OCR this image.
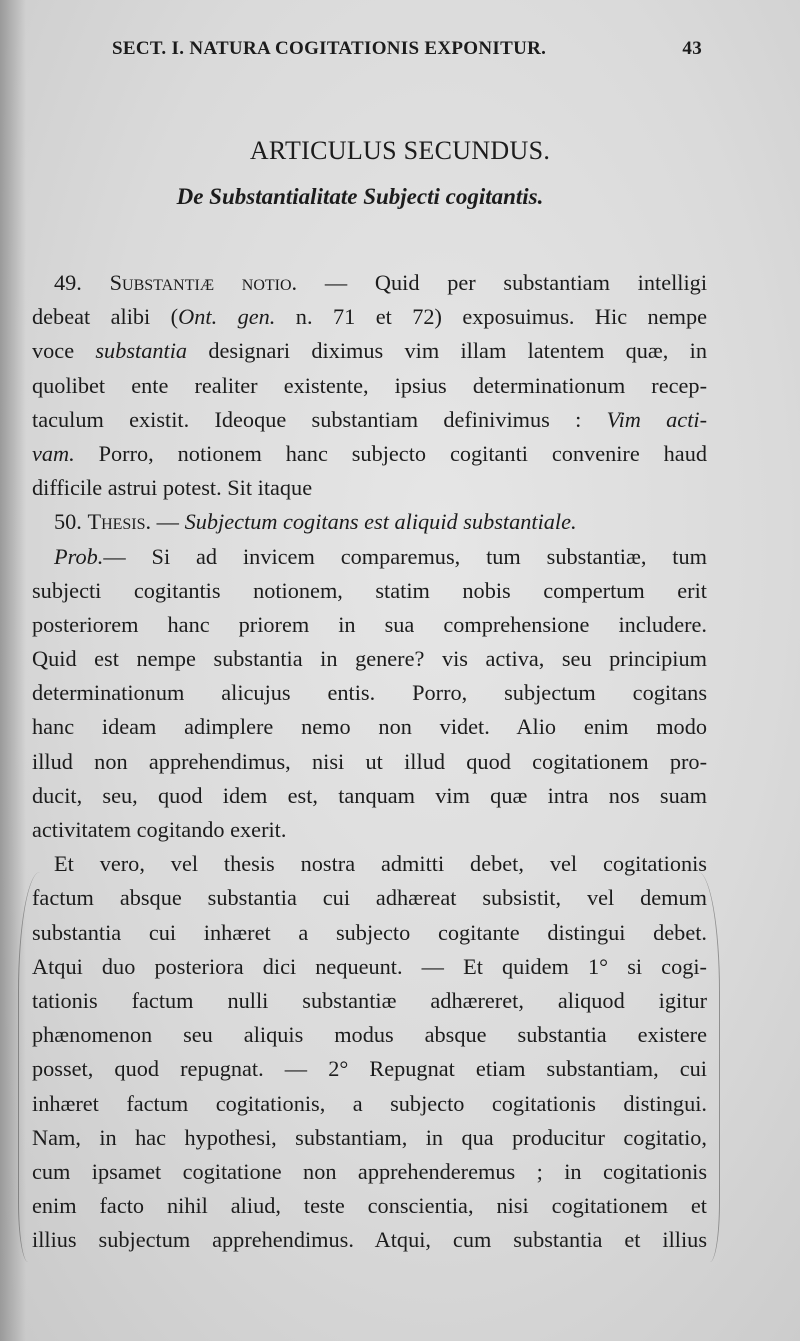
SECT. I. NATURA COGITATIONIS EXPONITUR.	43
ARTICULUS SECUNDUS.
De Substantialitate Subjecti cogitantis.
49. Substantiæ notio. — Quid per substantiam intelligi
debeat alibi (Ont. gen. n. 71 et 72) exposuimus. Hic nempe
voce substantia designari diximus vim illam latentem quæ, in
quolibet ente realiter existente, ipsius determinationum recep-
taculum existit. Ideoque substantiam definivimus : Vim acti-
vam. Porro, notionem hanc subjecto cogitanti convenire haud
difficile astrui potest. Sit itaque
50. Thesis. — Subjectum cogitans est aliquid substantiale.
Prob.— Si ad invicem comparemus, tum substantiæ, tum
subjecti cogitantis notionem, statim nobis compertum erit
posteriorem hanc priorem in sua comprehensione includere.
Quid est nempe substantia in genere? vis activa, seu principium
determinationum alicujus entis. Porro, subjectum cogitans
hanc ideam adimplere nemo non videt. Alio enim modo
illud non apprehendimus, nisi ut illud quod cogitationem pro-
ducit, seu, quod idem est, tanquam vim quæ intra nos suam
activitatem cogitando exerit.
Et vero, vel thesis nostra admitti debet, vel cogitationis
factum absque substantia cui adhæreat subsistit, vel demum
substantia cui inhæret a subjecto cogitante distingui debet.
Atqui duo posteriora dici nequeunt. — Et quidem 1° si cogi-
tationis factum nulli substantiæ adhæreret, aliquod igitur
phænomenon seu aliquis modus absque substantia existere
posset, quod repugnat. — 2° Repugnat etiam substantiam, cui
inhæret factum cogitationis, a subjecto cogitationis distingui.
Nam, in hac hypothesi, substantiam, in qua producitur cogitatio,
cum ipsamet cogitatione non apprehenderemus ; in cogitationis
enim facto nihil aliud, teste conscientia, nisi cogitationem et
illius subjectum apprehendimus. Atqui, cum substantia et illius
